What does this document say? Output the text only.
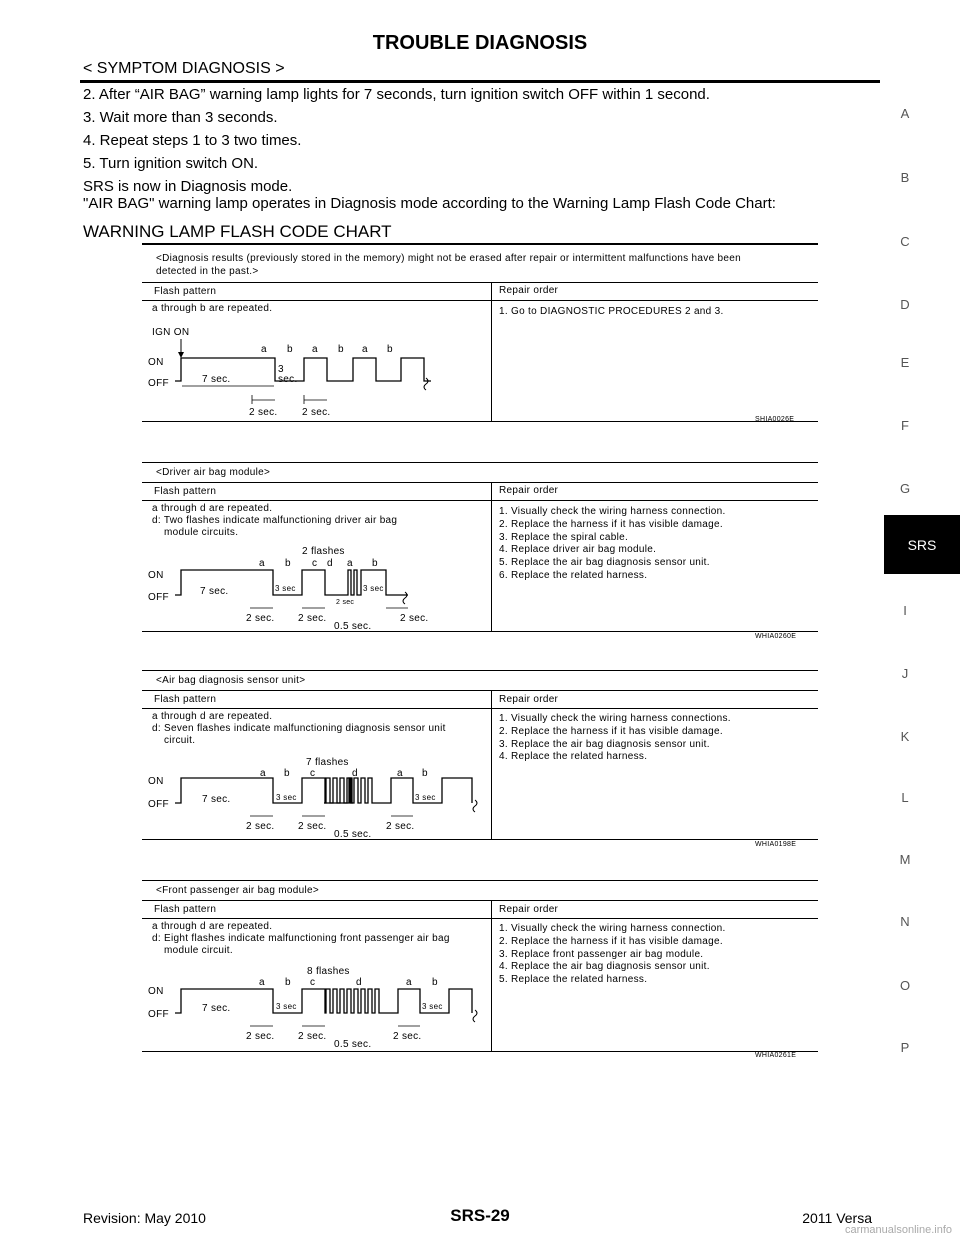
TROUBLE DIAGNOSIS
< SYMPTOM DIAGNOSIS >
2. After “AIR BAG” warning lamp lights for 7 seconds, turn ignition switch OFF within 1 second.
3. Wait more than 3 seconds.
4. Repeat steps 1 to 3 two times.
5. Turn ignition switch ON.
SRS is now in Diagnosis mode.
"AIR BAG" warning lamp operates in Diagnosis mode according to the Warning Lamp Flash Code Chart:
WARNING LAMP FLASH CODE CHART
A
B
C
D
E
F
G
SRS
I
J
K
L
M
N
O
P
<Diagnosis results (previously stored in the memory) might not be erased after repair or intermittent malfunctions have been
detected in the past.>
Flash pattern	Repair order
a through b are repeated.	1. Go to DIAGNOSTIC PROCEDURES 2 and 3.
IGN ON
ON
OFF
a b a b a b
7 sec.
3
sec.
2 sec. 2 sec.
SHIA0026E
<Driver air bag module>
Flash pattern	Repair order
a through d are repeated.
d: Two flashes indicate malfunctioning driver air bag
module circuits.
1. Visually check the wiring harness connection.
2. Replace the harness if it has visible damage.
3. Replace the spiral cable.
4. Replace driver air bag module.
5. Replace the air bag diagnosis sensor unit.
6. Replace the related harness.
2 flashes
ON
OFF
a b c d a b
7 sec.	3 sec	3 sec
2 sec
2 sec. 2 sec.	2 sec.
0.5 sec.
WHIA0260E
<Air bag diagnosis sensor unit>
Flash pattern	Repair order
a through d are repeated.
d: Seven flashes indicate malfunctioning diagnosis sensor unit
circuit.
1. Visually check the wiring harness connections.
2. Replace the harness if it has visible damage.
3. Replace the air bag diagnosis sensor unit.
4. Replace the related harness.
7 flashes
ON
OFF
a b c	d	a b
7 sec.	3 sec	3 sec
2 sec. 2 sec.	2 sec.
0.5 sec.
WHIA0198E
<Front passenger air bag module>
Flash pattern	Repair order
a through d are repeated.
d: Eight flashes indicate malfunctioning front passenger air bag
module circuit.
1. Visually check the wiring harness connection.
2. Replace the harness if it has visible damage.
3. Replace front passenger air bag module.
4. Replace the air bag diagnosis sensor unit.
5. Replace the related harness.
8 flashes
ON
OFF
a b c	d	a b
7 sec.	3 sec	3 sec
2 sec. 2 sec.	2 sec.
0.5 sec.
WHIA0261E
Revision: May 2010	SRS-29	2011 Versa
carmanualsonline.info
